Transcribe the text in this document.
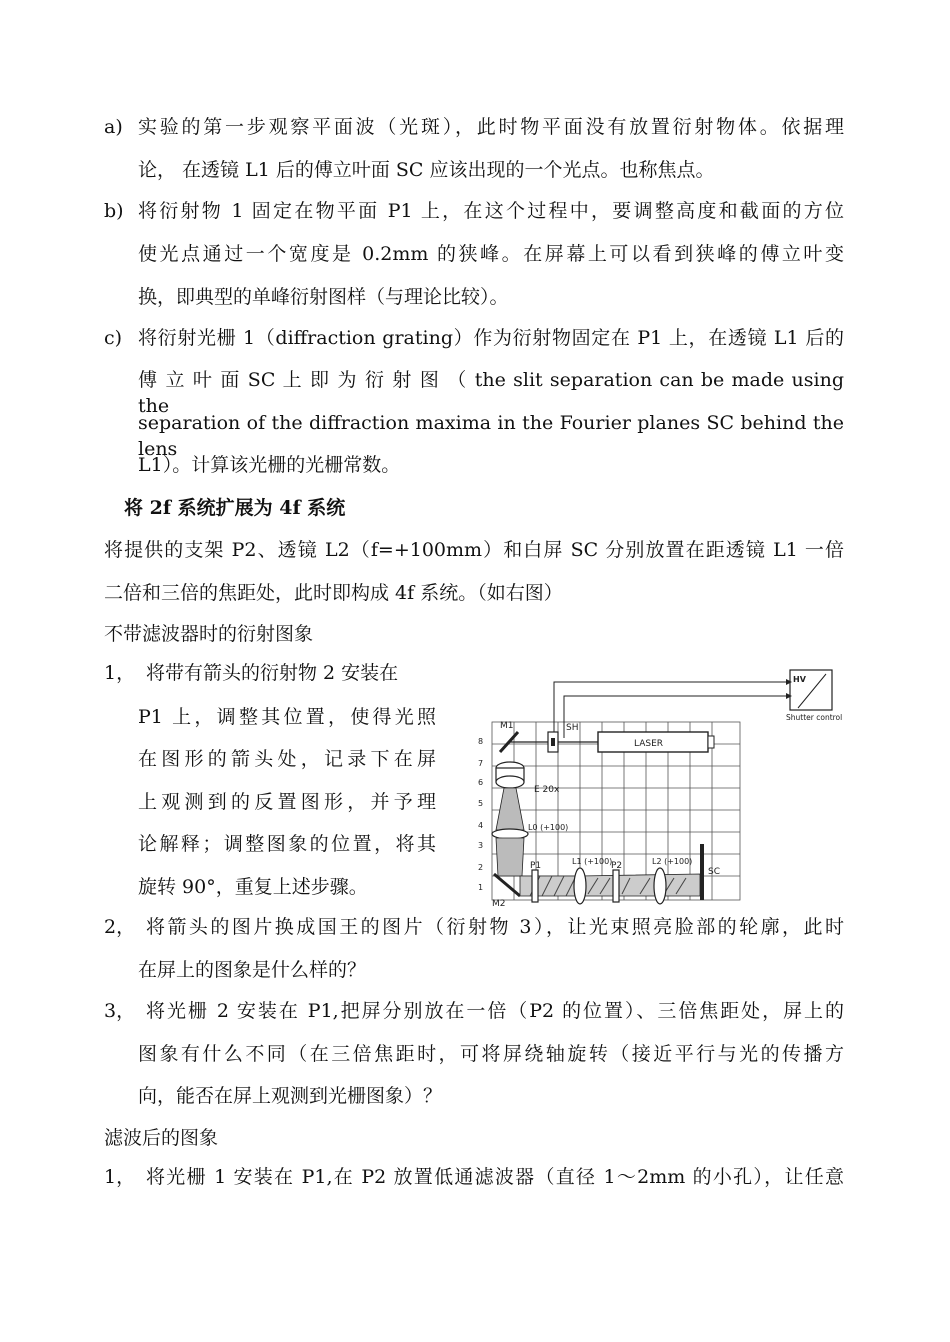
a) 实验的第一步观察平面波（光斑），此时物平面没有放置衍射物体。依据理
论， 在透镜 L1 后的傅立叶面 SC 应该出现的一个光点。也称焦点。
b) 将衍射物 1 固定在物平面 P1 上，在这个过程中，要调整高度和截面的方位
使光点通过一个宽度是 0.2mm 的狭峰。在屏幕上可以看到狭峰的傅立叶变
换，即典型的单峰衍射图样（与理论比较）。
c) 将衍射光栅 1（diffraction grating）作为衍射物固定在 P1 上，在透镜 L1 后的
傅 立 叶 面 SC 上 即 为 衍 射 图 （ the slit separation can be made using the
separation of the diffraction maxima in the Fourier planes SC behind the lens
L1）。计算该光栅的光栅常数。
将 2f 系统扩展为 4f 系统
将提供的支架 P2、透镜 L2（f=+100mm）和白屏 SC 分别放置在距透镜 L1 一倍
二倍和三倍的焦距处，此时即构成 4f 系统。（如右图）
不带滤波器时的衍射图象
1， 将带有箭头的衍射物 2 安装在
P1 上，调整其位置，使得光照
在图形的箭头处，记录下在屏
上观测到的反置图形，并予理
论解释；调整图象的位置，将其
旋转 90°，重复上述步骤。
8
7
6
5
4
3
2
1
HV
Shutter control
LASER
SH
M1
E 20x
L0 (+100)
M2
P1	L1 (+100)
P2	L2 (+100)
SC
2， 将箭头的图片换成国王的图片（衍射物 3），让光束照亮脸部的轮廓，此时
在屏上的图象是什么样的？
3， 将光栅 2 安装在 P1,把屏分别放在一倍（P2 的位置）、三倍焦距处，屏上的
图象有什么不同（在三倍焦距时，可将屏绕轴旋转（接近平行与光的传播方
向，能否在屏上观测到光栅图象）？
滤波后的图象
1， 将光栅 1 安装在 P1,在 P2 放置低通滤波器（直径 1～2mm 的小孔），让任意
